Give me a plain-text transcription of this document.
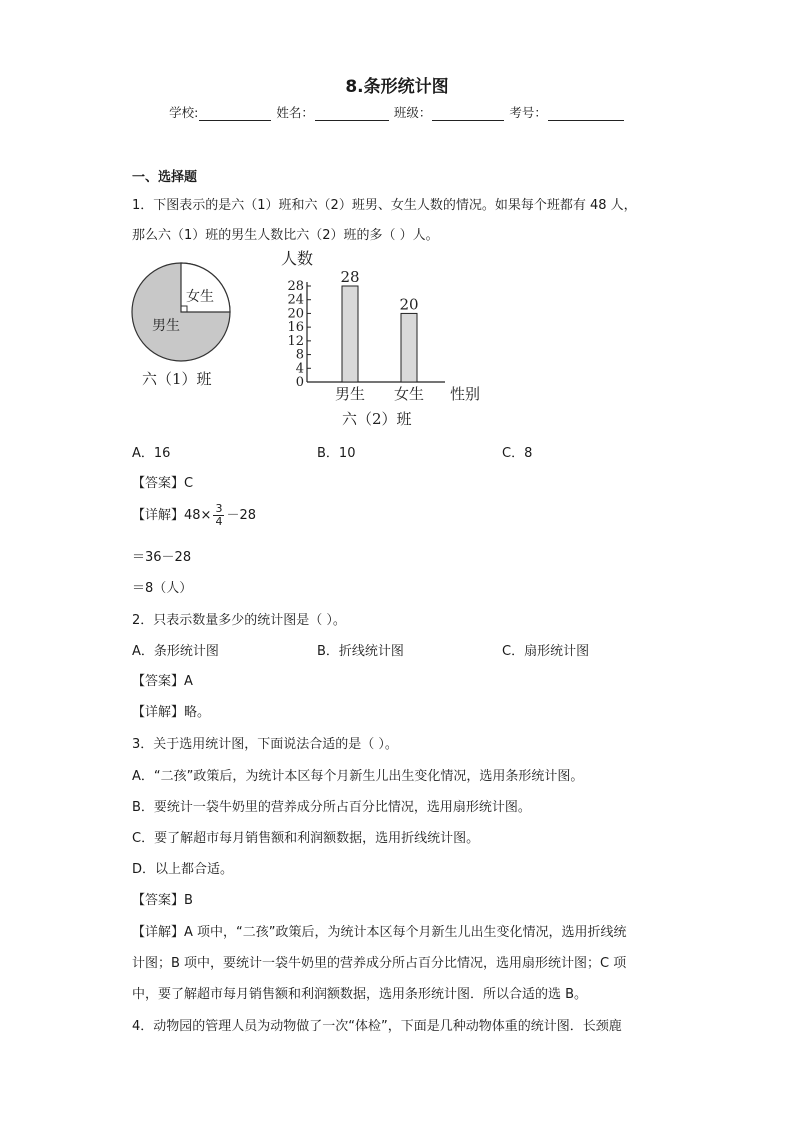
8.条形统计图
学校:	姓名：	班级：	考号：
一、选择题
1．下图表示的是六（1）班和六（2）班男、女生人数的情况。如果每个班都有 48 人，
那么六（1）班的男生人数比六（2）班的多（ ）人。
女生
男生
六（1）班
人数
0
4
8
12
16
20
24
28
28
男生
20
女生 性别
六（2）班
A．16	B．10	C．8
【答案】C
【详解】$48\times \frac{3}{4} -28$
＝36－28
＝8（人）
2．只表示数量多少的统计图是（ ）。
A．条形统计图	B．折线统计图	C．扇形统计图
【答案】A
【详解】略。
3．关于选用统计图，下面说法合适的是（ ）。
A．“二孩”政策后，为统计本区每个月新生儿出生变化情况，选用条形统计图。
B．要统计一袋牛奶里的营养成分所占百分比情况，选用扇形统计图。
C．要了解超市每月销售额和利润额数据，选用折线统计图。
D．以上都合适。
【答案】B
【详解】A 项中，“二孩”政策后，为统计本区每个月新生儿出生变化情况，选用折线统
计图；B 项中，要统计一袋牛奶里的营养成分所占百分比情况，选用扇形统计图；C 项
中，要了解超市每月销售额和利润额数据，选用条形统计图．所以合适的选 B。
4．动物园的管理人员为动物做了一次“体检”，下面是几种动物体重的统计图．长颈鹿
